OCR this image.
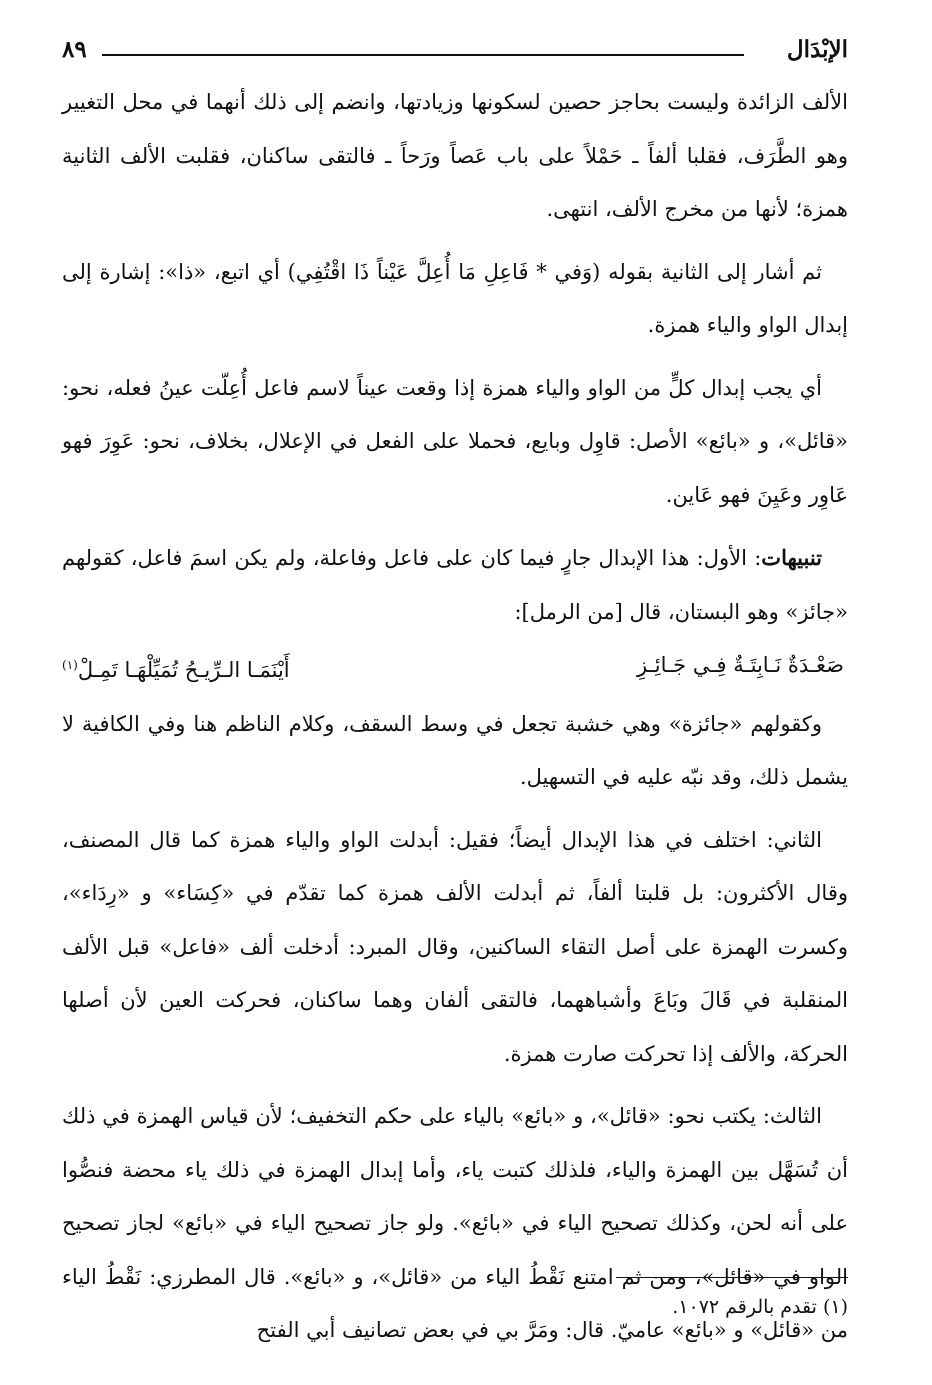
الإبْدَال
٨٩

الألف الزائدة وليست بحاجز حصين لسكونها وزيادتها، وانضم إلى ذلك أنهما في محل التغيير وهو الطَّرَف، فقلبا ألفاً ـ حَمْلاً على باب عَصاً ورَحاً ـ فالتقى ساكنان، فقلبت الألف الثانية همزة؛ لأنها من مخرج الألف، انتهى.

ثم أشار إلى الثانية بقوله (وَفي * فَاعِلِ مَا أُعِلَّ عَيْناً ذَا اقْتُفِي) أي اتبع، «ذا»: إشارة إلى إبدال الواو والياء همزة.

أي يجب إبدال كلٍّ من الواو والياء همزة إذا وقعت عيناً لاسم فاعل أُعِلّت عينُ فعله، نحو: «قائل»، و «بائع» الأصل: قاوِل وبايع، فحملا على الفعل في الإعلال، بخلاف، نحو: عَوِرَ فهو عَاوِر وعَيِنَ فهو عَاين.

تنبيهات: الأول: هذا الإبدال جارٍ فيما كان على فاعل وفاعلة، ولم يكن اسمَ فاعل، كقولهم «جائز» وهو البستان، قال [من الرمل]:

صَعْـدَةٌ نَـابِتَـةٌ فِـي جَـائِـزِ
أَيْنَمَـا الـرِّيـحُ تُمَيِّلْهَـا تَمِـلْ$^{(١)}$

وكقولهم «جائزة» وهي خشبة تجعل في وسط السقف، وكلام الناظم هنا وفي الكافية لا يشمل ذلك، وقد نبّه عليه في التسهيل.

الثاني: اختلف في هذا الإبدال أيضاً؛ فقيل: أبدلت الواو والياء همزة كما قال المصنف، وقال الأكثرون: بل قلبتا ألفاً، ثم أبدلت الألف همزة كما تقدّم في «كِسَاء» و «رِدَاء»، وكسرت الهمزة على أصل التقاء الساكنين، وقال المبرد: أدخلت ألف «فاعل» قبل الألف المنقلبة في قَالَ وبَاعَ وأشباههما، فالتقى ألفان وهما ساكنان، فحركت العين لأن أصلها الحركة، والألف إذا تحركت صارت همزة.

الثالث: يكتب نحو: «قائل»، و «بائع» بالياء على حكم التخفيف؛ لأن قياس الهمزة في ذلك أن تُسَهَّل بين الهمزة والياء، فلذلك كتبت ياء، وأما إبدال الهمزة في ذلك ياء محضة فنصُّوا على أنه لحن، وكذلك تصحيح الياء في «بائع». ولو جاز تصحيح الياء في «بائع» لجاز تصحيح الواو في «قائل»، ومن ثم امتنع نَقْطُ الياء من «قائل»، و «بائع». قال المطرزي: نَقْطُ الياء من «قائل» و «بائع» عاميّ. قال: ومَرَّ بي في بعض تصانيف أبي الفتح

(١) تقدم بالرقم ١٠٧٢.
